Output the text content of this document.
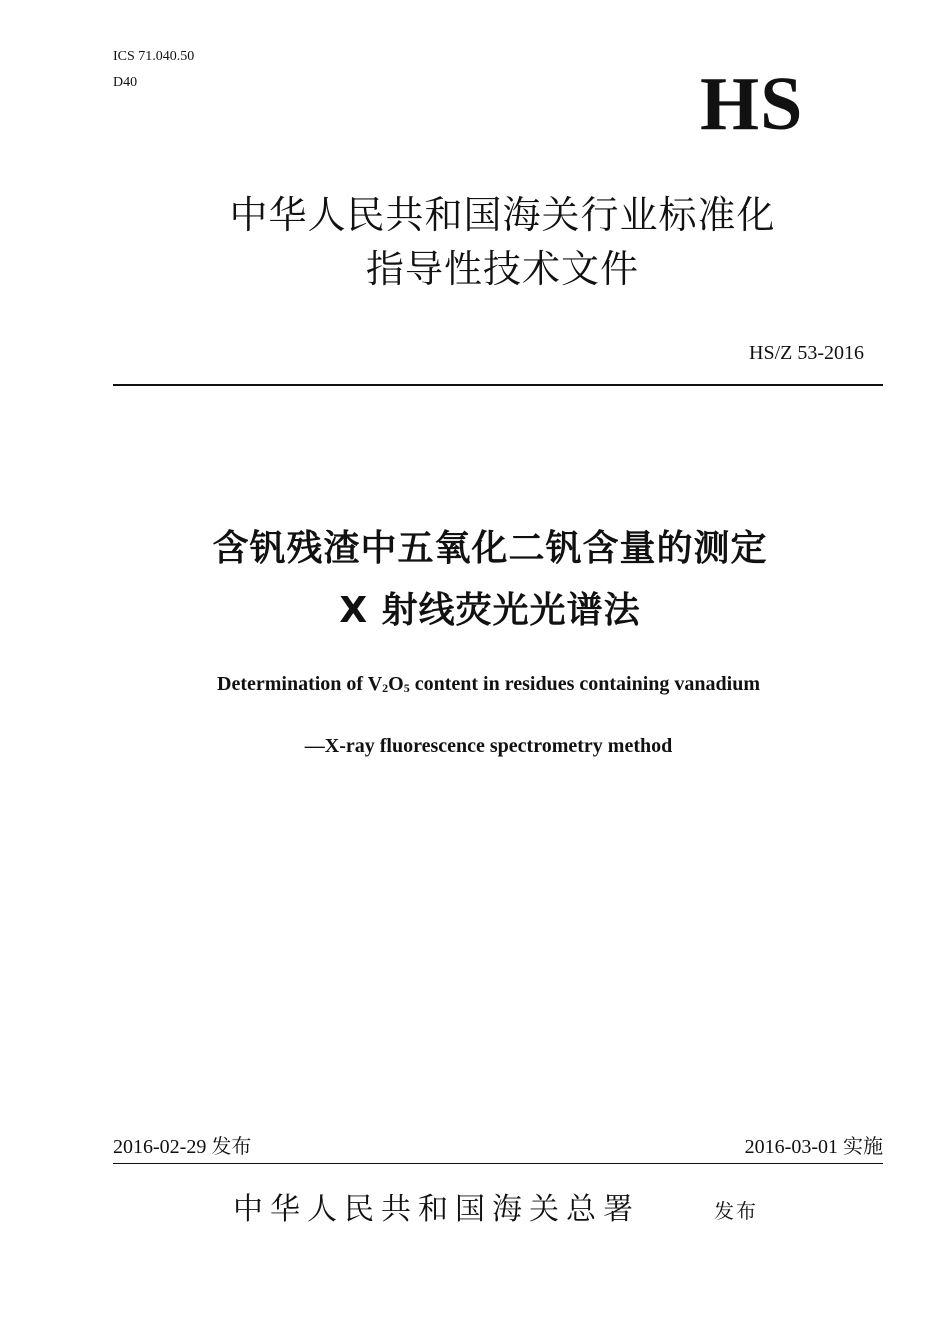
ICS 71.040.50
D40	HS
中华人民共和国海关行业标准化
指导性技术文件
HS/Z 53-2016
含钒残渣中五氧化二钒含量的测定
X 射线荧光光谱法
Determination of $V_2O_5$ content in residues containing vanadium
—X-ray fluorescence spectrometry method
2016-02-29 发布	2016-03-01 实施
中华人民共和国海关总署	发布
